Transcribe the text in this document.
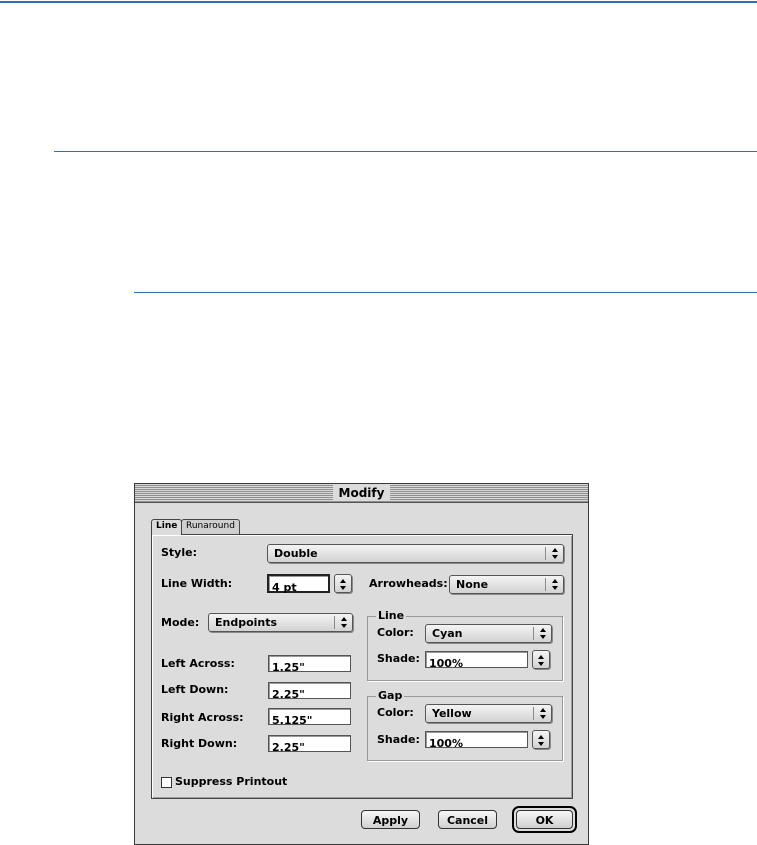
Modify
Line Runaround
Style:	Double
Line Width:
4 pt	Arrowheads: None
Mode: Endpoints
Left Across:
1.25"
Left Down:
2.25"
Right Across:
5.125"
Right Down:
2.25"
Line
Color: Cyan
Shade:
100%
Gap
Color: Yellow
Shade:
100%
Suppress Printout
Apply	Cancel	OK
